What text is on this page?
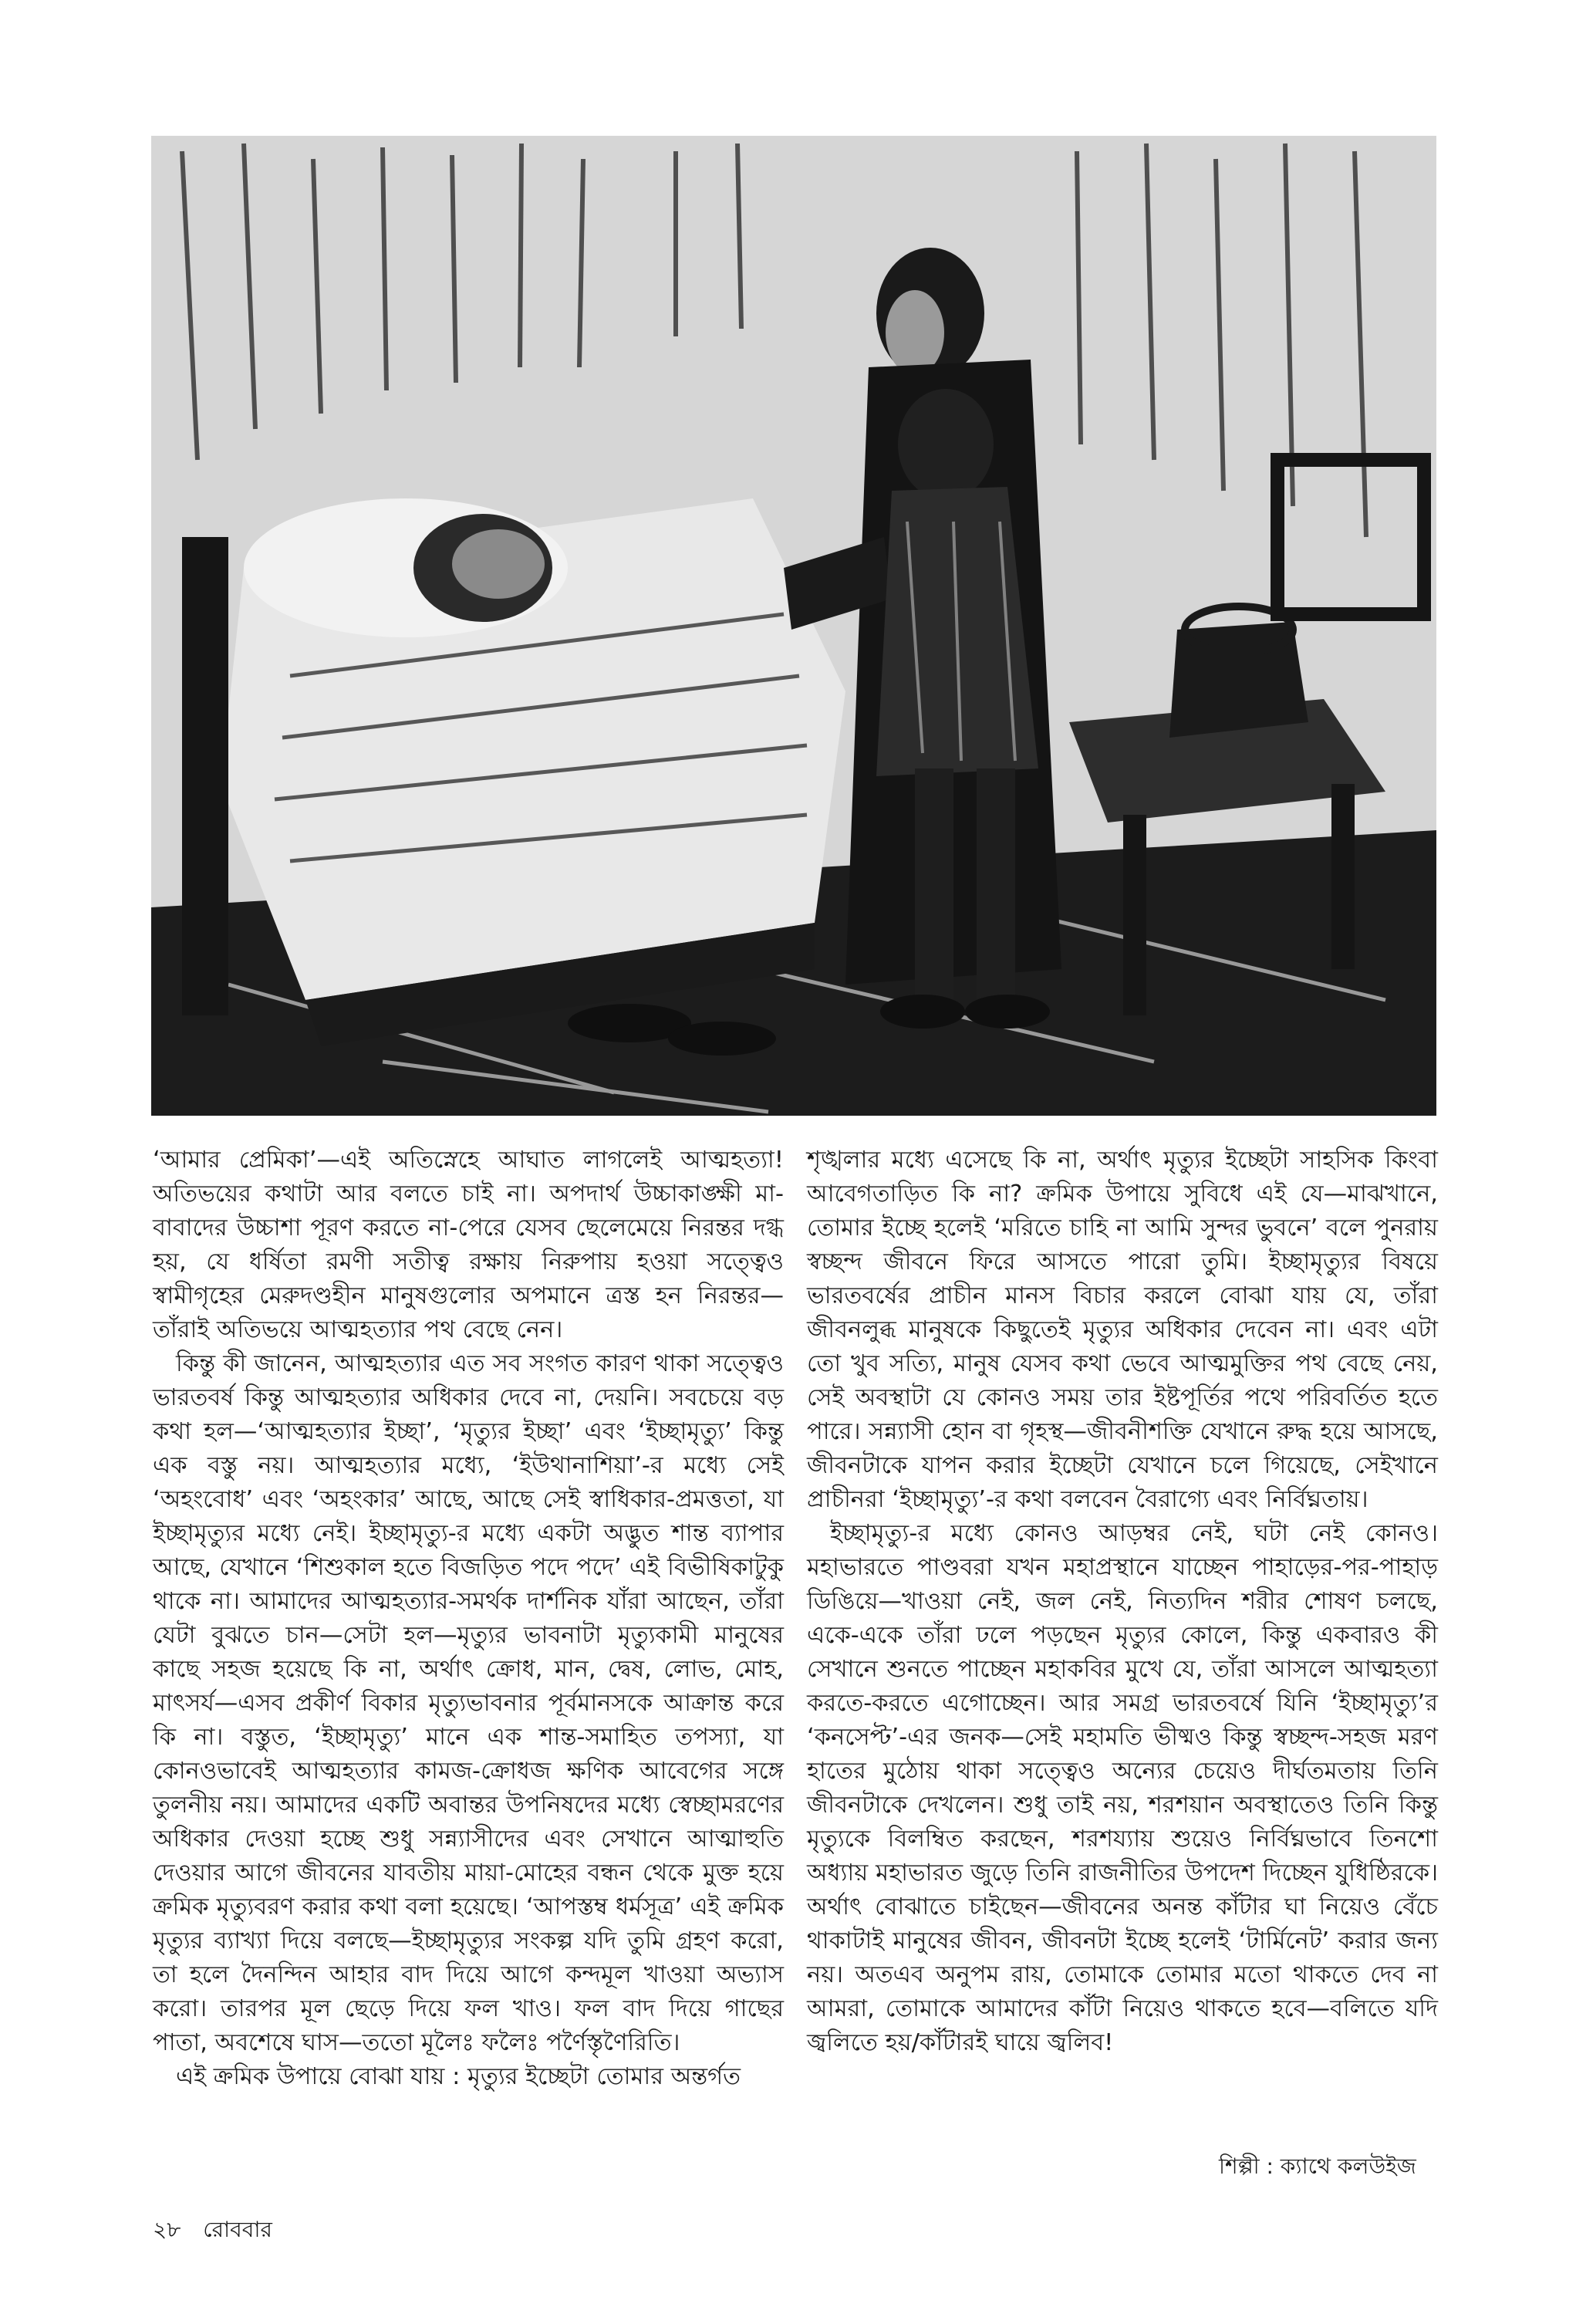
‘আমার প্রেমিকা’—এই অতিস্নেহে আঘাত লাগলেই আত্মহত্যা! অতিভয়ের কথাটা আর বলতে চাই না। অপদার্থ উচ্চাকাঙ্ক্ষী মা-বাবাদের উচ্চাশা পূরণ করতে না-পেরে যেসব ছেলেমেয়ে নিরন্তর দগ্ধ হয়, যে ধর্ষিতা রমণী সতীত্ব রক্ষায় নিরুপায় হওয়া সত্ত্বেও স্বামীগৃহের মেরুদণ্ডহীন মানুষগুলোর অপমানে ত্রস্ত হন নিরন্তর—তাঁরাই অতিভয়ে আত্মহত্যার পথ বেছে নেন।

কিন্তু কী জানেন, আত্মহত্যার এত সব সংগত কারণ থাকা সত্ত্বেও ভারতবর্ষ কিন্তু আত্মহত্যার অধিকার দেবে না, দেয়নি। সবচেয়ে বড় কথা হল—‘আত্মহত্যার ইচ্ছা’, ‘মৃত্যুর ইচ্ছা’ এবং ‘ইচ্ছামৃত্যু’ কিন্তু এক বস্তু নয়। আত্মহত্যার মধ্যে, ‘ইউথানাশিয়া’-র মধ্যে সেই ‘অহংবোধ’ এবং ‘অহংকার’ আছে, আছে সেই স্বাধিকার-প্রমত্ততা, যা ইচ্ছামৃত্যুর মধ্যে নেই। ইচ্ছামৃত্যু-র মধ্যে একটা অদ্ভুত শান্ত ব্যাপার আছে, যেখানে ‘শিশুকাল হতে বিজড়িত পদে পদে’ এই বিভীষিকাটুকু থাকে না। আমাদের আত্মহত্যার-সমর্থক দার্শনিক যাঁরা আছেন, তাঁরা যেটা বুঝতে চান—সেটা হল—মৃত্যুর ভাবনাটা মৃত্যুকামী মানুষের কাছে সহজ হয়েছে কি না, অর্থাৎ ক্রোধ, মান, দ্বেষ, লোভ, মোহ, মাৎসর্য—এসব প্রকীর্ণ বিকার মৃত্যুভাবনার পূর্বমানসকে আক্রান্ত করে কি না। বস্তুত, ‘ইচ্ছামৃত্যু’ মানে এক শান্ত-সমাহিত তপস্যা, যা কোনওভাবেই আত্মহত্যার কামজ-ক্রোধজ ক্ষণিক আবেগের সঙ্গে তুলনীয় নয়। আমাদের একটি অবান্তর উপনিষদের মধ্যে স্বেচ্ছামরণের অধিকার দেওয়া হচ্ছে শুধু সন্ন্যাসীদের এবং সেখানে আত্মাহুতি দেওয়ার আগে জীবনের যাবতীয় মায়া-মোহের বন্ধন থেকে মুক্ত হয়ে ক্রমিক মৃত্যুবরণ করার কথা বলা হয়েছে। ‘আপস্তম্ব ধর্মসূত্র’ এই ক্রমিক মৃত্যুর ব্যাখ্যা দিয়ে বলছে—ইচ্ছামৃত্যুর সংকল্প যদি তুমি গ্রহণ করো, তা হলে দৈনন্দিন আহার বাদ দিয়ে আগে কন্দমূল খাওয়া অভ্যাস করো। তারপর মূল ছেড়ে দিয়ে ফল খাও। ফল বাদ দিয়ে গাছের পাতা, অবশেষে ঘাস—ততো মূলৈঃ ফলৈঃ পর্ণৈস্তৃণৈরিতি।

এই ক্রমিক উপায়ে বোঝা যায় : মৃত্যুর ইচ্ছেটা তোমার অন্তর্গত

শৃঙ্খলার মধ্যে এসেছে কি না, অর্থাৎ মৃত্যুর ইচ্ছেটা সাহসিক কিংবা আবেগতাড়িত কি না? ক্রমিক উপায়ে সুবিধে এই যে—মাঝখানে, তোমার ইচ্ছে হলেই ‘মরিতে চাহি না আমি সুন্দর ভুবনে’ বলে পুনরায় স্বচ্ছন্দ জীবনে ফিরে আসতে পারো তুমি। ইচ্ছামৃত্যুর বিষয়ে ভারতবর্ষের প্রাচীন মানস বিচার করলে বোঝা যায় যে, তাঁরা জীবনলুব্ধ মানুষকে কিছুতেই মৃত্যুর অধিকার দেবেন না। এবং এটা তো খুব সত্যি, মানুষ যেসব কথা ভেবে আত্মমুক্তির পথ বেছে নেয়, সেই অবস্থাটা যে কোনও সময় তার ইষ্টপূর্তির পথে পরিবর্তিত হতে পারে। সন্ন্যাসী হোন বা গৃহস্থ—জীবনীশক্তি যেখানে রুদ্ধ হয়ে আসছে, জীবনটাকে যাপন করার ইচ্ছেটা যেখানে চলে গিয়েছে, সেইখানে প্রাচীনরা ‘ইচ্ছামৃত্যু’-র কথা বলবেন বৈরাগ্যে এবং নির্বিঘ্নতায়।

ইচ্ছামৃত্যু-র মধ্যে কোনও আড়ম্বর নেই, ঘটা নেই কোনও। মহাভারতে পাণ্ডবরা যখন মহাপ্রস্থানে যাচ্ছেন পাহাড়ের-পর-পাহাড় ডিঙিয়ে—খাওয়া নেই, জল নেই, নিত্যদিন শরীর শোষণ চলছে, একে-একে তাঁরা ঢলে পড়ছেন মৃত্যুর কোলে, কিন্তু একবারও কী সেখানে শুনতে পাচ্ছেন মহাকবির মুখে যে, তাঁরা আসলে আত্মহত্যা করতে-করতে এগোচ্ছেন। আর সমগ্র ভারতবর্ষে যিনি ‘ইচ্ছামৃত্যু’র ‘কনসেপ্ট’-এর জনক—সেই মহামতি ভীষ্মও কিন্তু স্বচ্ছন্দ-সহজ মরণ হাতের মুঠোয় থাকা সত্ত্বেও অন্যের চেয়েও দীর্ঘতমতায় তিনি জীবনটাকে দেখলেন। শুধু তাই নয়, শরশয়ান অবস্থাতেও তিনি কিন্তু মৃত্যুকে বিলম্বিত করছেন, শরশয্যায় শুয়েও নির্বিঘ্নভাবে তিনশো অধ্যায় মহাভারত জুড়ে তিনি রাজনীতির উপদেশ দিচ্ছেন যুধিষ্ঠিরকে। অর্থাৎ বোঝাতে চাইছেন—জীবনের অনন্ত কাঁটার ঘা নিয়েও বেঁচে থাকাটাই মানুষের জীবন, জীবনটা ইচ্ছে হলেই ‘টার্মিনেট’ করার জন্য নয়। অতএব অনুপম রায়, তোমাকে তোমার মতো থাকতে দেব না আমরা, তোমাকে আমাদের কাঁটা নিয়েও থাকতে হবে—বলিতে যদি জ্বলিতে হয়/কাঁটারই ঘায়ে জ্বলিব!

শিল্পী : ক্যাথে কলউইজ
২৮ রোববার
